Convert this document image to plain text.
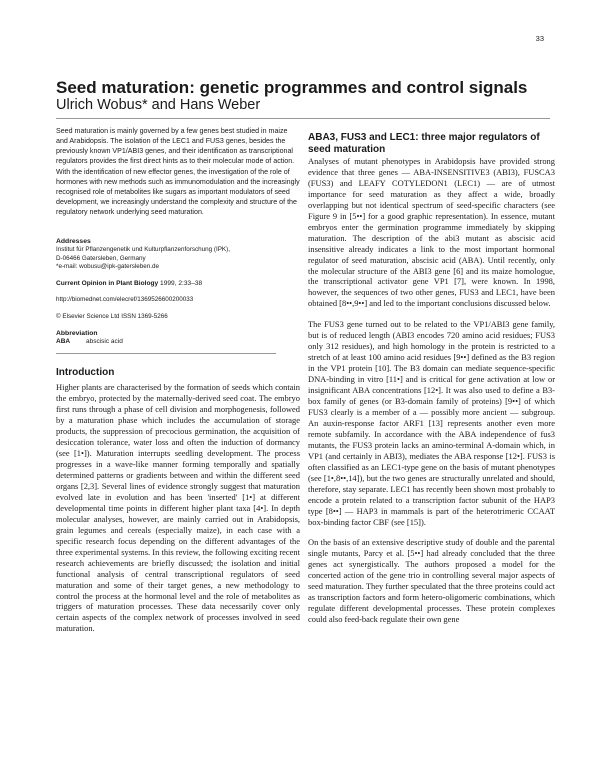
33
Seed maturation: genetic programmes and control signals

Ulrich Wobus* and Hans Weber

Seed maturation is mainly governed by a few genes best studied in maize and Arabidopsis. The isolation of the LEC1 and FUS3 genes, besides the previously known VP1/ABI3 genes, and their identification as transcriptional regulators provides the first direct hints as to their molecular mode of action. With the identification of new effector genes, the investigation of the role of hormones with new methods such as immunomodulation and the increasingly recognised role of metabolites like sugars as important modulators of seed development, we increasingly understand the complexity and structure of the regulatory network underlying seed maturation.

Addresses

Institut für Pflanzengenetik und Kulturpflanzenforschung (IPK),

D-06466 Gatersleben, Germany

*e-mail: wobusu@ipk-gatersleben.de

Current Opinion in Plant Biology 1999, 2:33–38

http://biomednet.com/elecref/1369526600200033

© Elsevier Science Ltd ISSN 1369-5266

Abbreviation

ABA	abscisic acid
Introduction

Higher plants are characterised by the formation of seeds which contain the embryo, protected by the maternally-derived seed coat. The embryo first runs through a phase of cell division and morphogenesis, followed by a maturation phase which includes the accumulation of storage products, the suppression of precocious germination, the acquisition of desiccation tolerance, water loss and often the induction of dormancy (see [1•]). Maturation interrupts seedling development. The process progresses in a wave-like manner forming temporally and spatially determined patterns or gradients between and within the different seed organs [2,3]. Several lines of evidence strongly suggest that maturation evolved late in evolution and has been 'inserted' [1•] at different developmental time points in different higher plant taxa [4•]. In depth molecular analyses, however, are mainly carried out in Arabidopsis, grain legumes and cereals (especially maize), in each case with a specific research focus depending on the different advantages of the three experimental systems. In this review, the following exciting recent research achievements are briefly discussed; the isolation and initial functional analysis of central transcriptional regulators of seed maturation and some of their target genes, a new methodology to control the process at the hormonal level and the role of metabolites as triggers of maturation processes. These data necessarily cover only certain aspects of the complex network of processes involved in seed maturation.

ABA3, FUS3 and LEC1: three major regulators of seed maturation

Analyses of mutant phenotypes in Arabidopsis have provided strong evidence that three genes — ABA-INSENSITIVE3 (ABI3), FUSCA3 (FUS3) and LEAFY COTYLEDON1 (LEC1) — are of utmost importance for seed maturation as they affect a wide, broadly overlapping but not identical spectrum of seed-specific characters (see Figure 9 in [5••] for a good graphic representation). In essence, mutant embryos enter the germination programme immediately by skipping maturation. The description of the abi3 mutant as abscisic acid insensitive already indicates a link to the most important hormonal regulator of seed maturation, abscisic acid (ABA). Until recently, only the molecular structure of the ABI3 gene [6] and its maize homologue, the transcriptional activator gene VP1 [7], were known. In 1998, however, the sequences of two other genes, FUS3 and LEC1, have been obtained [8••,9••] and led to the important conclusions discussed below.

The FUS3 gene turned out to be related to the VP1/ABI3 gene family, but is of reduced length (ABI3 encodes 720 amino acid residues; FUS3 only 312 residues), and high homology in the protein is restricted to a stretch of at least 100 amino acid residues [9••] defined as the B3 region in the VP1 protein [10]. The B3 domain can mediate sequence-specific DNA-binding in vitro [11•] and is critical for gene activation at low or insignificant ABA concentrations [12•]. It was also used to define a B3-box family of genes (or B3-domain family of proteins) [9••] of which FUS3 clearly is a member of a — possibly more ancient — subgroup. An auxin-response factor ARF1 [13] represents another even more remote subfamily. In accordance with the ABA independence of fus3 mutants, the FUS3 protein lacks an amino-terminal A-domain which, in VP1 (and certainly in ABI3), mediates the ABA response [12•]. FUS3 is often classified as an LEC1-type gene on the basis of mutant phenotypes (see [1•,8••,14]), but the two genes are structurally unrelated and should, therefore, stay separate. LEC1 has recently been shown most probably to encode a protein related to a transcription factor subunit of the HAP3 type [8••] — HAP3 in mammals is part of the heterotrimeric CCAAT box-binding factor CBF (see [15]).

On the basis of an extensive descriptive study of double and the parental single mutants, Parcy et al. [5••] had already concluded that the three genes act synergistically. The authors proposed a model for the concerted action of the gene trio in controlling several major aspects of seed maturation. They further speculated that the three proteins could act as transcription factors and form hetero-oligomeric combinations, which regulate different developmental processes. These protein complexes could also feed-back regulate their own gene
